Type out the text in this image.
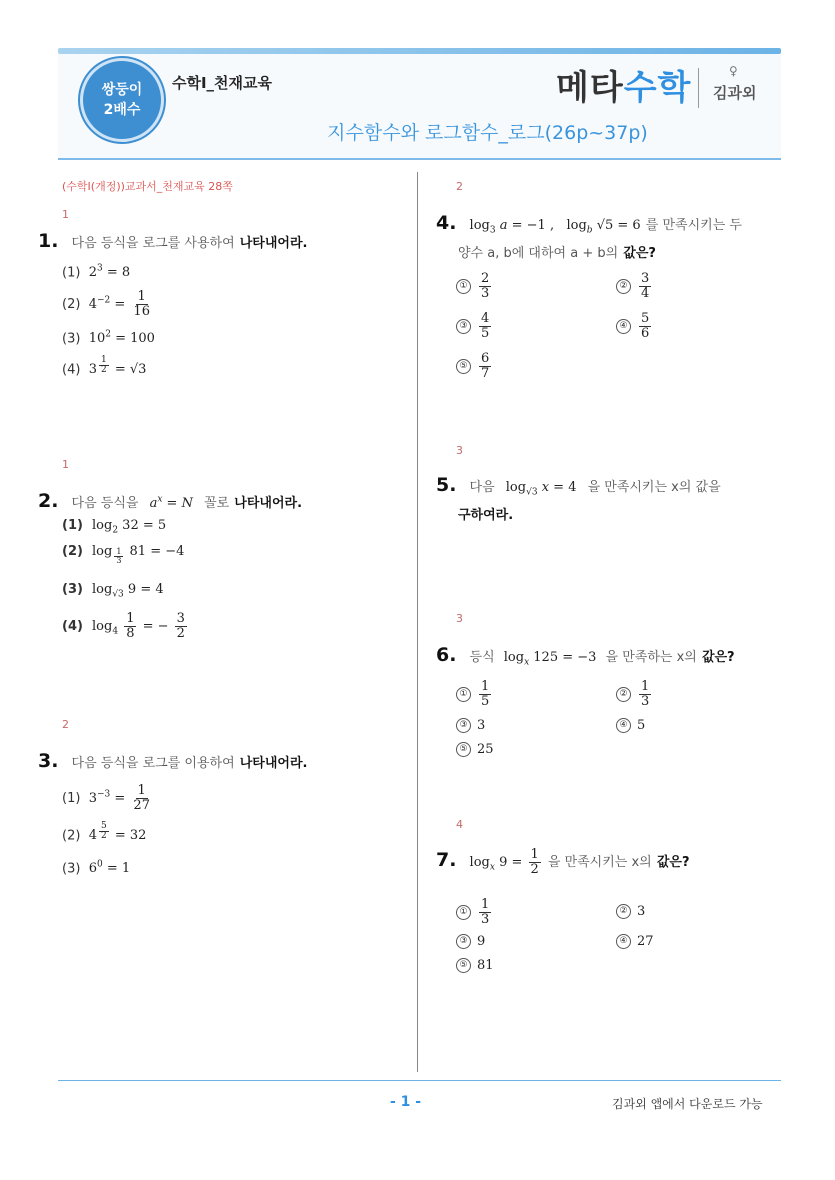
쌍둥이
2배수
수학Ⅰ_천재교육	메타수학	♀
김과외
지수함수와 로그함수_로그(26p~37p)
(수학Ⅰ(개정))교과서_천재교육 28쪽
1
1. 다음 등식을 로그를 사용하여 나타내어라.
(1) $2^3 = 8$
(2) $4^{-2} = \frac{1}{16}$
(3) $10^2 = 100$
(4) 3 $^{\frac{1}{2}}$ = √3
1
2. 다음 등식을 $a^x = N$ 꼴로 나타내어라.
(1) $\log_2 32 = 5$
(2) log $_{\frac{1}{3}}$ 81 = −4
(3) $\log_{√3} 9 = 4$
(4) $\log_4 \frac{1}{8}$ = − $\frac{3}{2}$
2
3. 다음 등식을 로그를 이용하여 나타내어라.
(1) $3^{-3} = \frac{1}{27}$
(2) 4 $^{\frac{5}{2}}$ = 32
(3) $6^0 = 1$
2
4. $\log_3 a = -1$ ,   $\log_b √5 = 6$ 를 만족시키는 두
양수 a, b에 대하여 a + b의 값은?
① $\frac{2}{3}$	② $\frac{3}{4}$
③ $\frac{4}{5}$	④ $\frac{5}{6}$
⑤ $\frac{6}{7}$
3
5. 다음 $\log_{√3} x = 4$ 을 만족시키는 x의 값을
구하여라.
3
6. 등식 $\log_x 125 = -3$ 을 만족하는 x의 값은?
① $\frac{1}{5}$	② $\frac{1}{3}$
③ 3	④ 5
⑤ 25
4
7. $\log_x 9 = \frac{1}{2}$ 을 만족시키는 x의 값은?
① $\frac{1}{3}$	② 3
③ 9	④ 27
⑤ 81
- 1 -	김과외 앱에서 다운로드 가능
